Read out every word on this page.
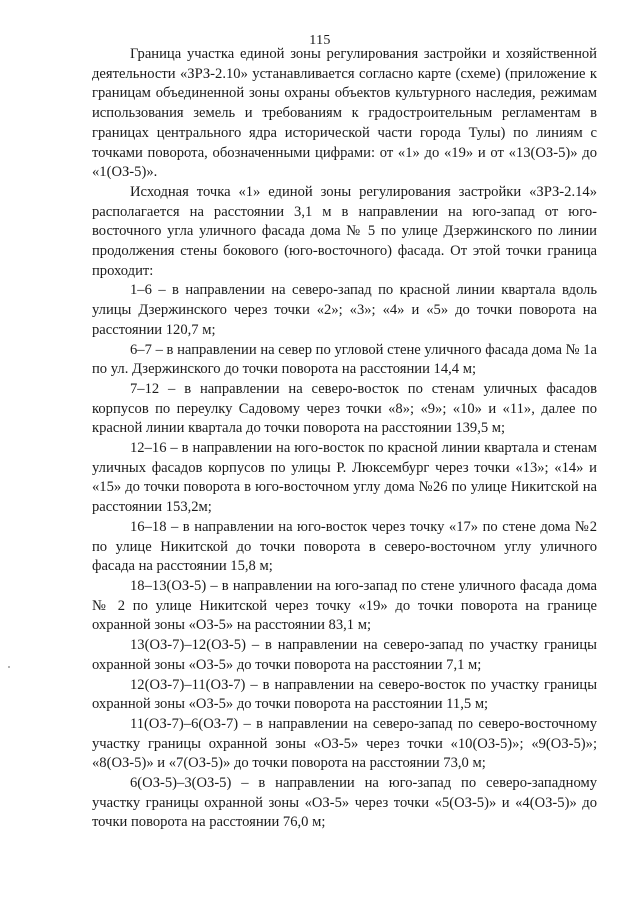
115

Граница участка единой зоны регулирования застройки и хозяйственной деятельности «ЗРЗ-2.10» устанавливается согласно карте (схеме) (приложение к границам объединенной зоны охраны объектов культурного наследия, режимам использования земель и требованиям к градостроительным регламентам в границах центрального ядра исторической части города Тулы) по линиям с точками поворота, обозначенными цифрами: от «1» до «19» и от «13(ОЗ-5)» до «1(ОЗ-5)».

Исходная точка «1» единой зоны регулирования застройки «ЗРЗ-2.14» располагается на расстоянии 3,1 м в направлении на юго-запад от юго-восточного угла уличного фасада дома № 5 по улице Дзержинского по линии продолжения стены бокового (юго-восточного) фасада. От этой точки граница проходит:

1–6 – в направлении на северо-запад по красной линии квартала вдоль улицы Дзержинского через точки «2»; «3»; «4» и «5» до точки поворота на расстоянии 120,7 м;

6–7 – в направлении на север по угловой стене уличного фасада дома № 1а по ул. Дзержинского до точки поворота на расстоянии 14,4 м;

7–12 – в направлении на северо-восток по стенам уличных фасадов корпусов по переулку Садовому через точки «8»; «9»; «10» и «11», далее по красной линии квартала до точки поворота на расстоянии 139,5 м;

12–16 – в направлении на юго-восток по красной линии квартала и стенам уличных фасадов корпусов по улицы Р. Люксембург через точки «13»; «14» и «15» до точки поворота в юго-восточном углу дома №26 по улице Никитской на расстоянии 153,2м;

16–18 – в направлении на юго-восток через точку «17» по стене дома №2 по улице Никитской до точки поворота в северо-восточном углу уличного фасада на расстоянии 15,8 м;

18–13(ОЗ-5) – в направлении на юго-запад по стене уличного фасада дома № 2 по улице Никитской через точку «19» до точки поворота на границе охранной зоны «ОЗ-5» на расстоянии 83,1 м;

13(ОЗ-7)–12(ОЗ-5) – в направлении на северо-запад по участку границы охранной зоны «ОЗ-5» до точки поворота на расстоянии 7,1 м;

12(ОЗ-7)–11(ОЗ-7) – в направлении на северо-восток по участку границы охранной зоны «ОЗ-5» до точки поворота на расстоянии 11,5 м;

11(ОЗ-7)–6(ОЗ-7) – в направлении на северо-запад по северо-восточному участку границы охранной зоны «ОЗ-5» через точки «10(ОЗ-5)»; «9(ОЗ-5)»; «8(ОЗ-5)» и «7(ОЗ-5)» до точки поворота на расстоянии 73,0 м;

6(ОЗ-5)–3(ОЗ-5) – в направлении на юго-запад по северо-западному участку границы охранной зоны «ОЗ-5» через точки «5(ОЗ-5)» и «4(ОЗ-5)» до точки поворота на расстоянии 76,0 м;
